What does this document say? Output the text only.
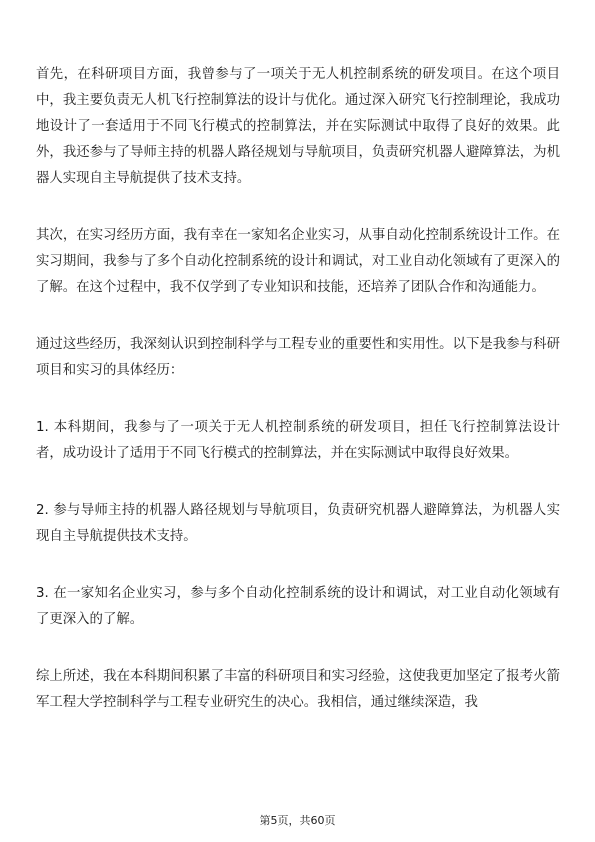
首先，在科研项目方面，我曾参与了一项关于无人机控制系统的研发项目。在这个项目中，我主要负责无人机飞行控制算法的设计与优化。通过深入研究飞行控制理论，我成功地设计了一套适用于不同飞行模式的控制算法，并在实际测试中取得了良好的效果。此外，我还参与了导师主持的机器人路径规划与导航项目，负责研究机器人避障算法，为机器人实现自主导航提供了技术支持。

其次，在实习经历方面，我有幸在一家知名企业实习，从事自动化控制系统设计工作。在实习期间，我参与了多个自动化控制系统的设计和调试，对工业自动化领域有了更深入的了解。在这个过程中，我不仅学到了专业知识和技能，还培养了团队合作和沟通能力。

通过这些经历，我深刻认识到控制科学与工程专业的重要性和实用性。以下是我参与科研项目和实习的具体经历：

1. 本科期间，我参与了一项关于无人机控制系统的研发项目，担任飞行控制算法设计者，成功设计了适用于不同飞行模式的控制算法，并在实际测试中取得良好效果。

2. 参与导师主持的机器人路径规划与导航项目，负责研究机器人避障算法，为机器人实现自主导航提供技术支持。

3. 在一家知名企业实习，参与多个自动化控制系统的设计和调试，对工业自动化领域有了更深入的了解。

综上所述，我在本科期间积累了丰富的科研项目和实习经验，这使我更加坚定了报考火箭军工程大学控制科学与工程专业研究生的决心。我相信，通过继续深造，我

第5页，共60页
